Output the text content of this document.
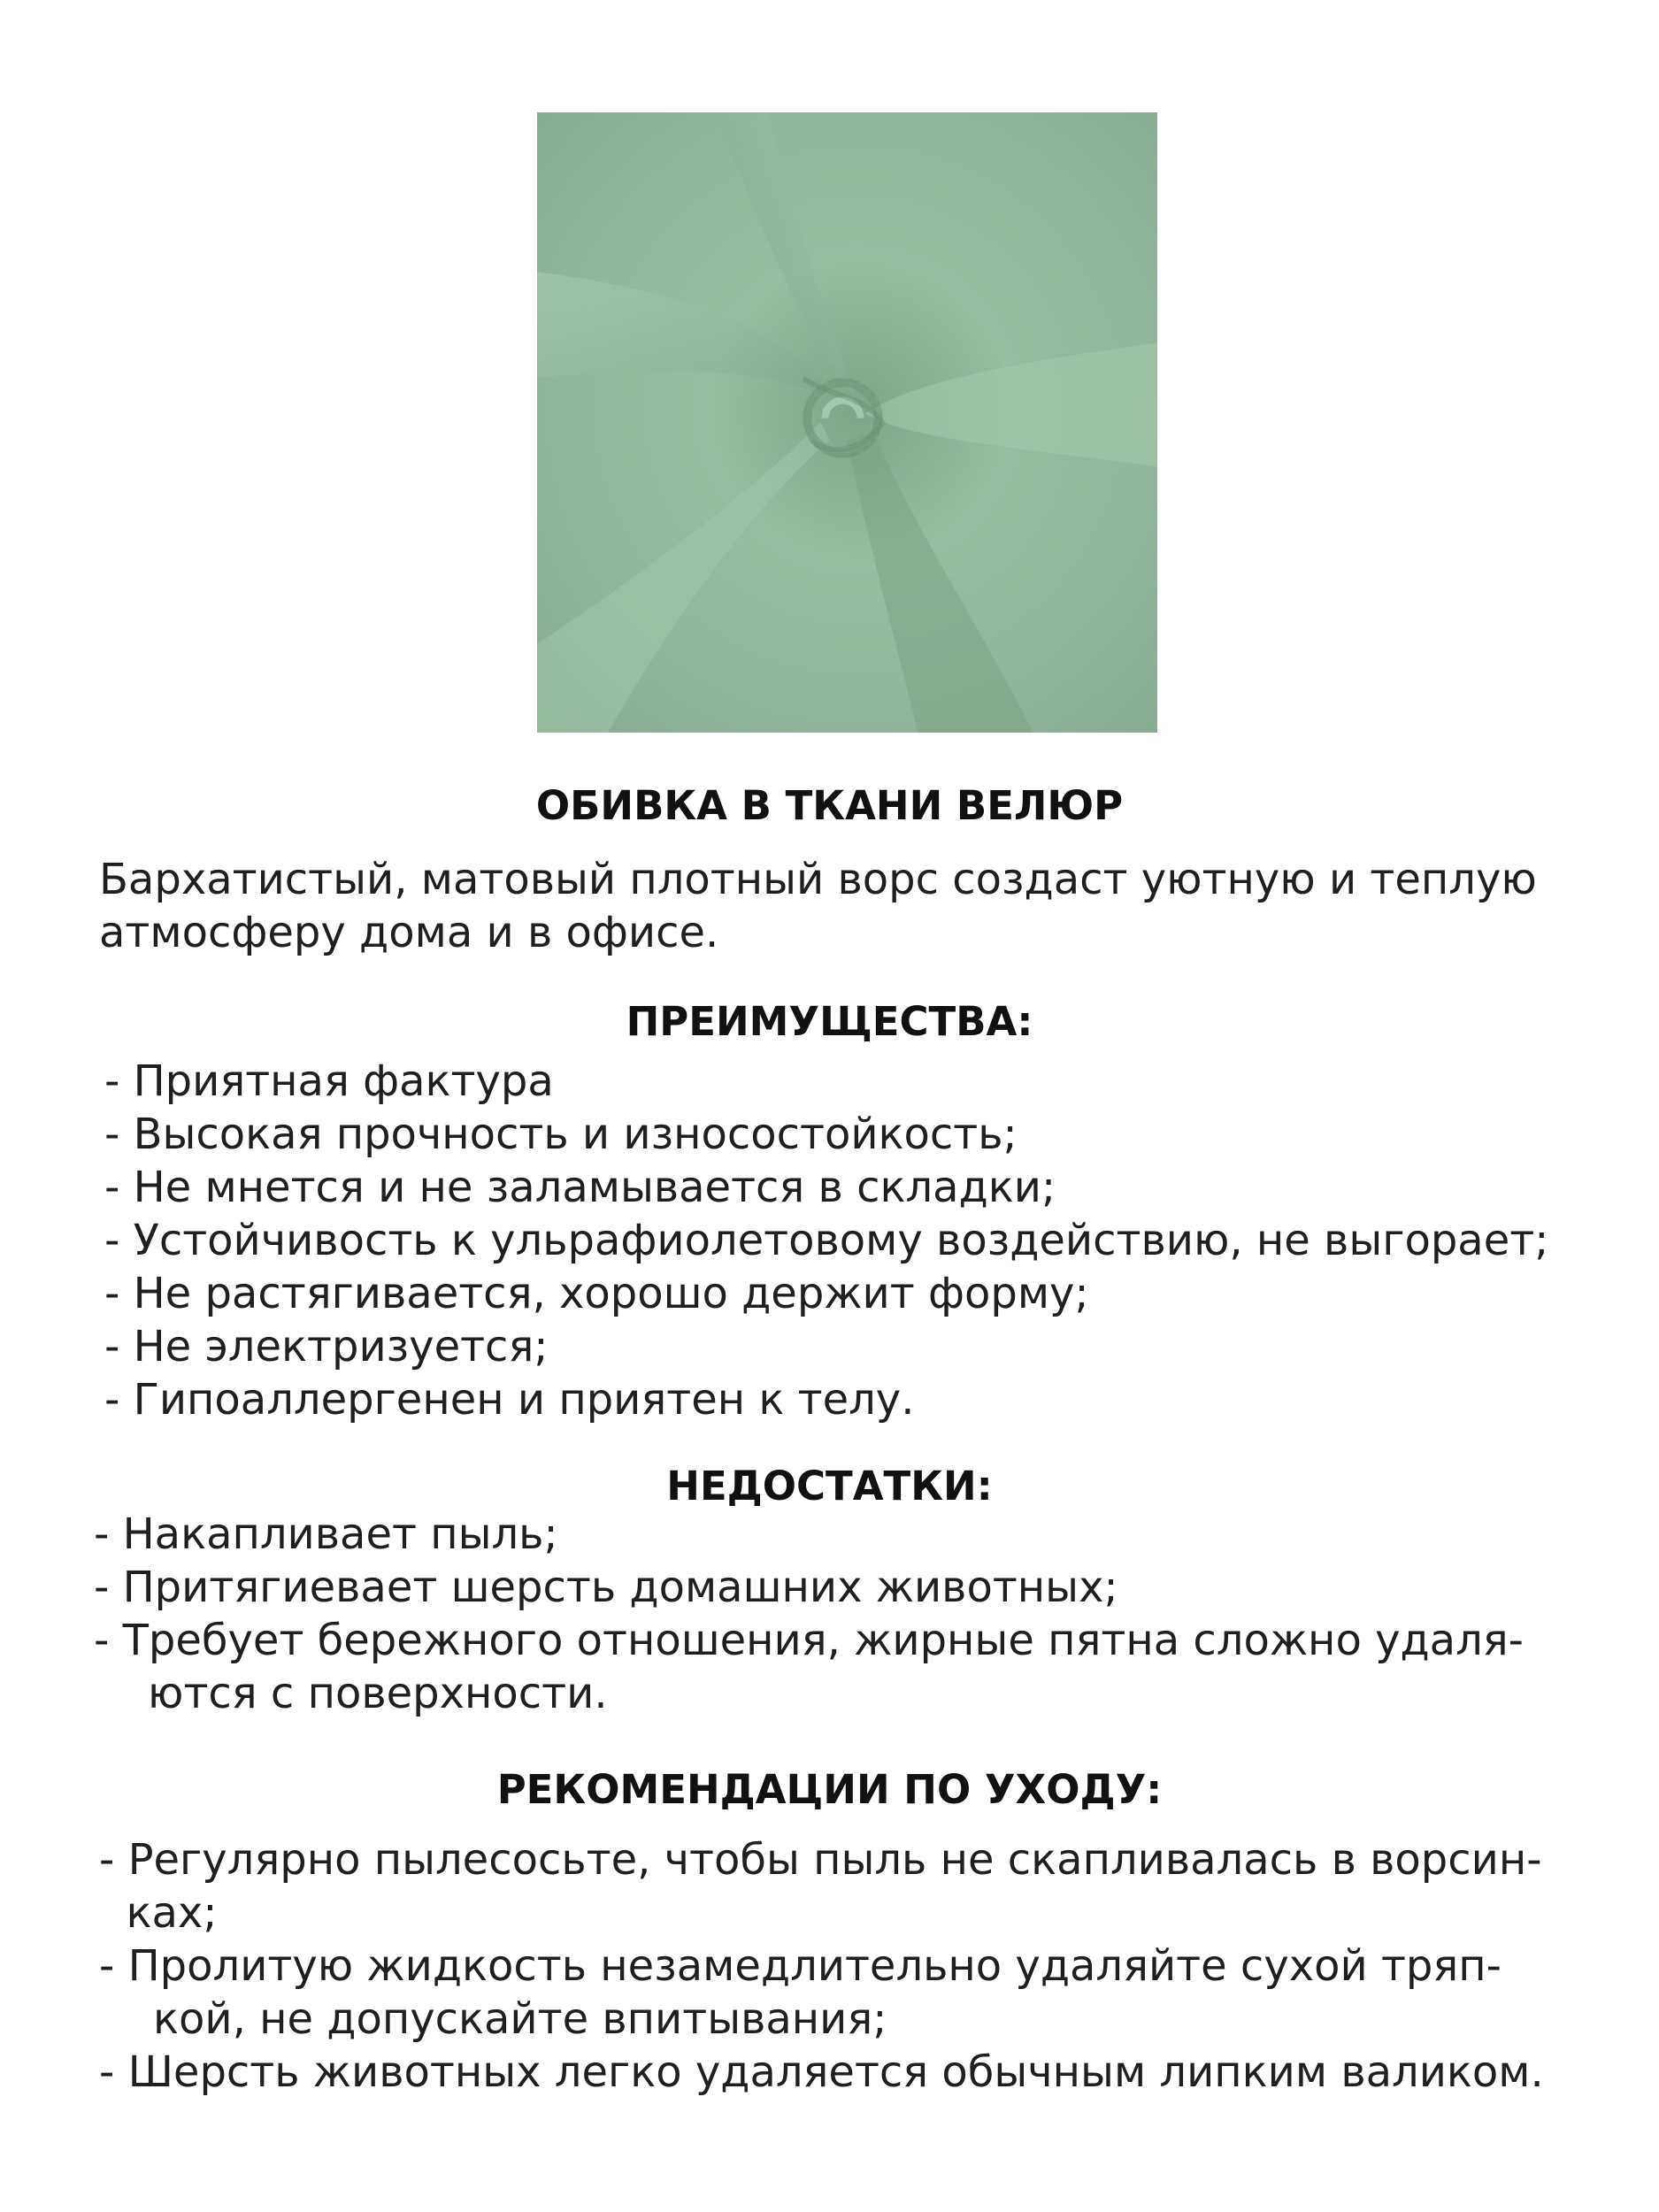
ОБИВКА В ТКАНИ ВЕЛЮР

Бархатистый, матовый плотный ворс создаст уютную и теплую
атмосферу дома и в офисе.

ПРЕИМУЩЕСТВА:
- Приятная фактура
- Высокая прочность и износостойкость;
- Не мнется и не заламывается в складки;
- Устойчивость к ульрафиолетовому воздействию, не выгорает;
- Не растягивается, хорошо держит форму;
- Не электризуется;
- Гипоаллергенен и приятен к телу.
НЕДОСТАТКИ:
- Накапливает пыль;
- Притягиевает шерсть домашних животных;
- Требует бережного отношения, жирные пятна сложно удаля-
ются с поверхности.
РЕКОМЕНДАЦИИ ПО УХОДУ:
- Регулярно пылесосьте, чтобы пыль не скапливалась в ворсин-
ках;
- Пролитую жидкость незамедлительно удаляйте сухой тряп-
кой, не допускайте впитывания;
- Шерсть животных легко удаляется обычным липким валиком.
